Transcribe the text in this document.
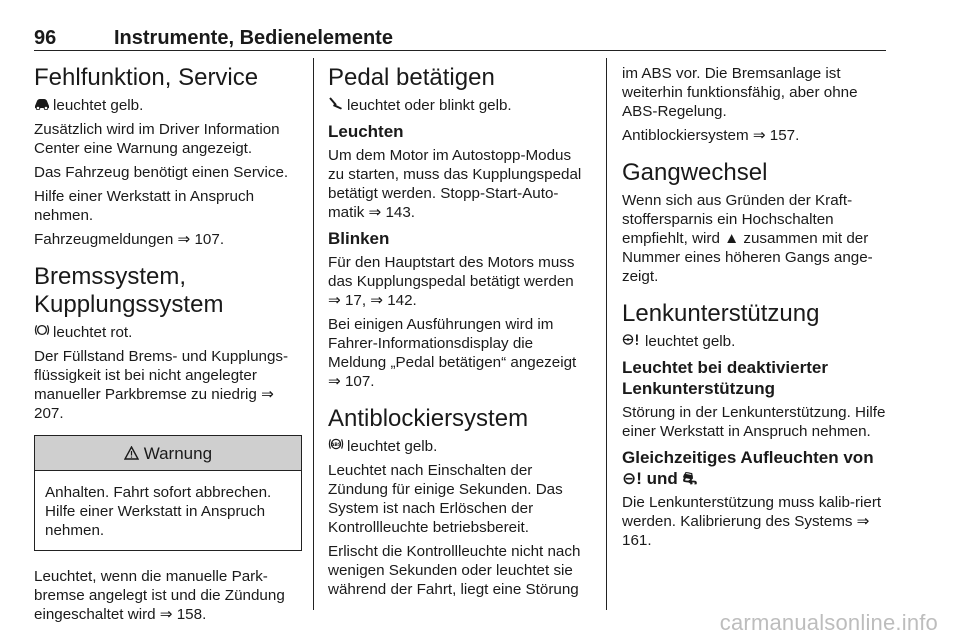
96	Instrumente, Bedienelemente
Fehlfunktion, Service

leuchtet gelb.

Zusätzlich wird im Driver Information Center eine Warnung angezeigt.

Das Fahrzeug benötigt einen Service.

Hilfe einer Werkstatt in Anspruch nehmen.

Fahrzeugmeldungen ⇒ 107.

Bremssystem,
Kupplungssystem

leuchtet rot.

Der Füllstand Brems- und Kupplungs-flüssigkeit ist bei nicht angelegter manueller Parkbremse zu niedrig ⇒ 207.

Warnung

Anhalten. Fahrt sofort abbrechen. Hilfe einer Werkstatt in Anspruch nehmen.

Leuchtet, wenn die manuelle Park-bremse angelegt ist und die Zündung eingeschaltet wird ⇒ 158.

Pedal betätigen

leuchtet oder blinkt gelb.

Leuchten

Um dem Motor im Autostopp-Modus zu starten, muss das Kupplungspedal betätigt werden. Stopp-Start-Auto-matik ⇒ 143.

Blinken

Für den Hauptstart des Motors muss das Kupplungspedal betätigt werden ⇒ 17, ⇒ 142.

Bei einigen Ausführungen wird im Fahrer-Informationsdisplay die Meldung „Pedal betätigen“ angezeigt ⇒ 107.

Antiblockiersystem

ABS leuchtet gelb.

Leuchtet nach Einschalten der Zündung für einige Sekunden. Das System ist nach Erlöschen der Kontrollleuchte betriebsbereit.

Erlischt die Kontrollleuchte nicht nach wenigen Sekunden oder leuchtet sie während der Fahrt, liegt eine Störung

im ABS vor. Die Bremsanlage ist weiterhin funktionsfähig, aber ohne ABS-Regelung.

Antiblockiersystem ⇒ 157.

Gangwechsel

Wenn sich aus Gründen der Kraft-stoffersparnis ein Hochschalten empfiehlt, wird ▲ zusammen mit der Nummer eines höheren Gangs ange-zeigt.

Lenkunterstützung

leuchtet gelb.

Leuchtet bei deaktivierter Lenkunterstützung

Störung in der Lenkunterstützung. Hilfe einer Werkstatt in Anspruch nehmen.

Gleichzeitiges Aufleuchten von ⊖! und ⛐

Die Lenkunterstützung muss kalib-riert werden. Kalibrierung des Systems ⇒ 161.

carmanualsonline.info
